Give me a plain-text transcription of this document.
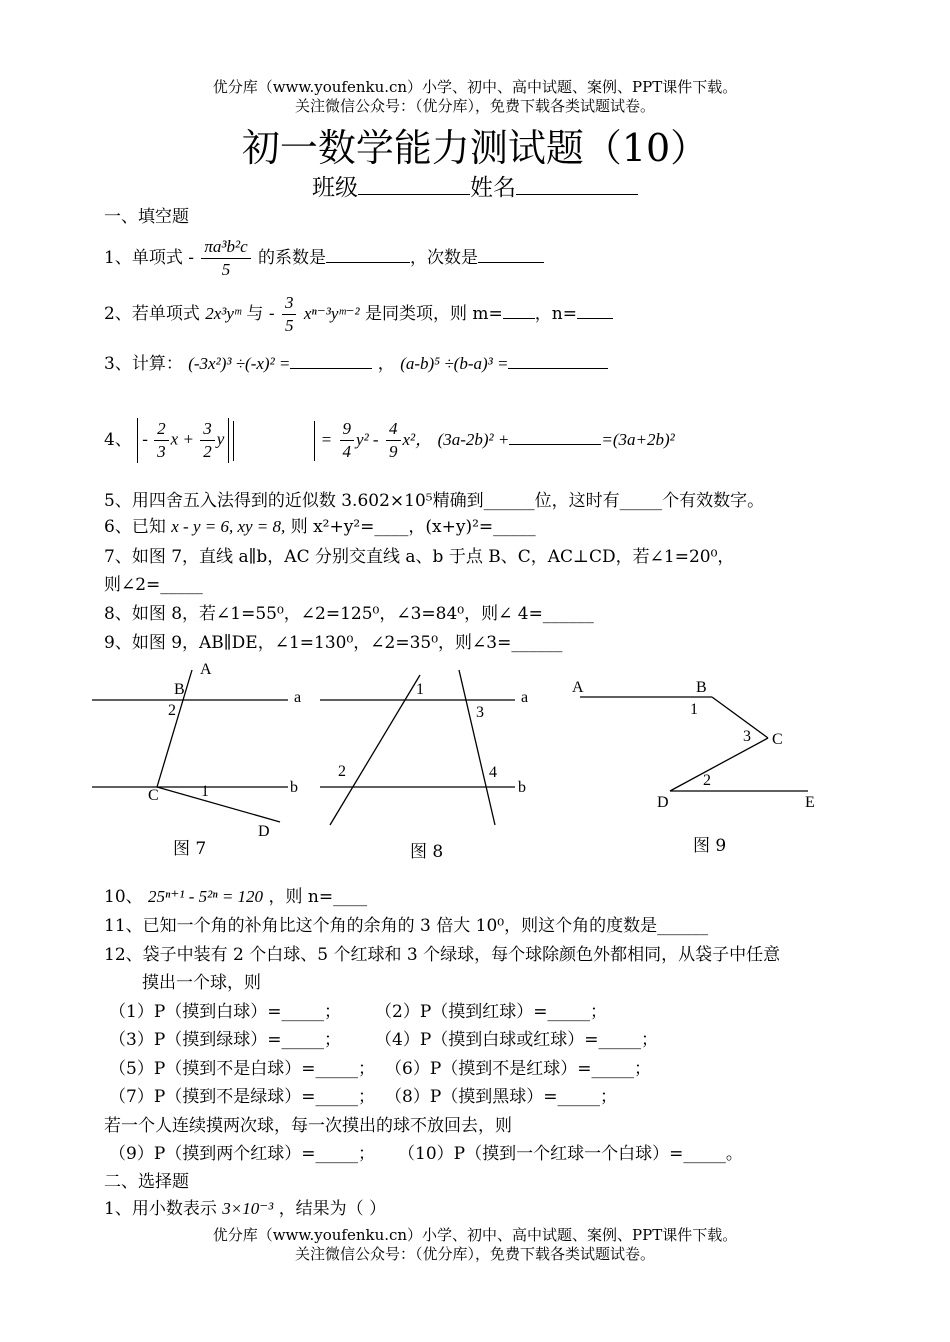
优分库（www.youfenku.cn）小学、初中、高中试题、案例、PPT课件下载。
关注微信公众号：（优分库），免费下载各类试题试卷。
初一数学能力测试题（10）
班级	姓名
一、填空题
1、单项式 - $\frac{\text{πa³b²c}}{5}$ 的系数是	，次数是
2、若单项式 2x³yᵐ 与 - $\frac{3}{5}$ xⁿ⁻³yᵐ⁻² 是同类项，则 m= ，n=
3、计算： (-3x²)³ ÷(-x)² =	， (a-b)⁵ ÷(b-a)³ =
4、 - $\frac{2}{3}$ $x + \frac{3}{2}$ y	= $\frac{9}{4} y^2 - \frac{4}{9} x^2$， (3a-2b)² +	=(3a+2b)²
5、用四舍五入法得到的近似数 3.602×10⁵精确到______位，这时有_____个有效数字。
6、已知 x - y = 6, xy = 8, 则 x²+y²=____，(x+y)²=_____
7、如图 7，直线 a∥b，AC 分别交直线 a、b 于点 B、C，AC⊥CD，若∠1=20⁰，
则∠2=_____
8、如图 8，若∠1=55⁰，∠2=125⁰，∠3=84⁰，则∠ 4=______
9、如图 9，AB∥DE，∠1=130⁰，∠2=35⁰，则∠3=______
A
B
2
a
C	1	b
D
1
3
a
2	4
b
A	B
1
3 C
2
D	E
图 7	图 8	图 9
10、 25ⁿ⁺¹ - 5²ⁿ = 120 ，则 n=____
11、已知一个角的补角比这个角的余角的 3 倍大 10⁰，则这个角的度数是______
12、袋子中装有 2 个白球、5 个红球和 3 个绿球，每个球除颜色外都相同，从袋子中任意
摸出一个球，则
（1）P（摸到白球）=_____； （2）P（摸到红球）=_____；
（3）P（摸到绿球）=_____； （4）P（摸到白球或红球）=_____；
（5）P（摸到不是白球）=_____； （6）P（摸到不是红球）=_____；
（7）P（摸到不是绿球）=_____； （8）P（摸到黑球）=_____；
若一个人连续摸两次球，每一次摸出的球不放回去，则
（9）P（摸到两个红球）=_____； （10）P（摸到一个红球一个白球）=_____。
二、选择题
1、用小数表示 3×10⁻³ ，结果为（ ）
优分库（www.youfenku.cn）小学、初中、高中试题、案例、PPT课件下载。
关注微信公众号：（优分库），免费下载各类试题试卷。
